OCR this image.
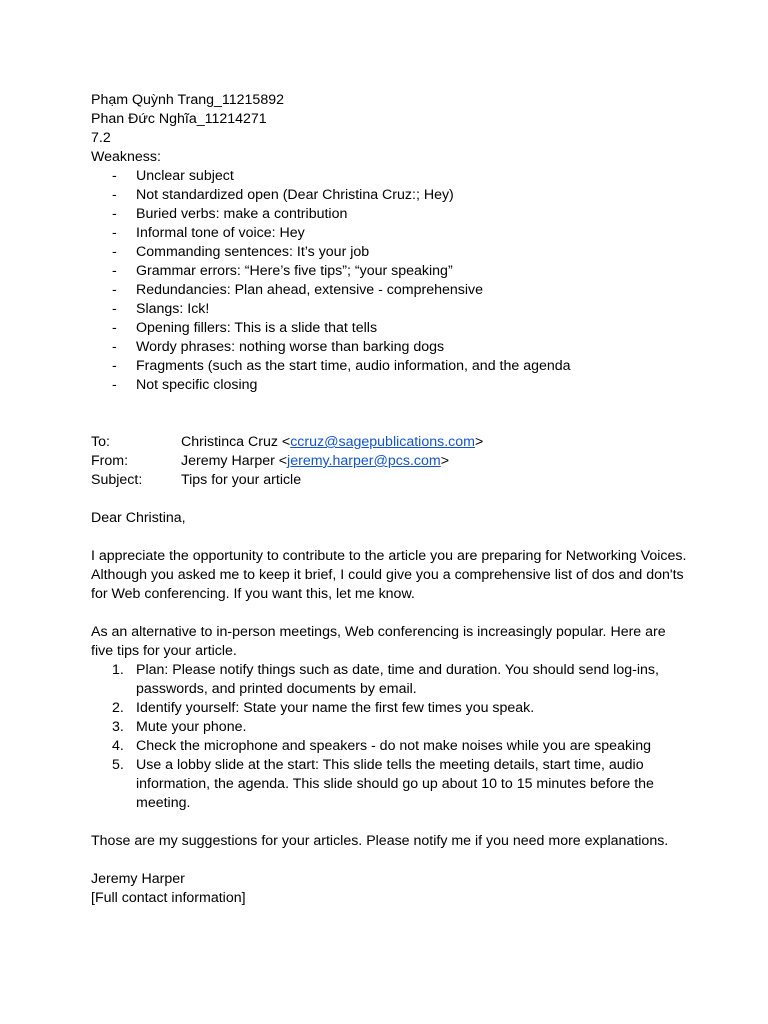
Phạm Quỳnh Trang_11215892
Phan Đức Nghĩa_11214271
7.2
Weakness:
- Unclear subject
- Not standardized open (Dear Christina Cruz:; Hey)
- Buried verbs: make a contribution
- Informal tone of voice: Hey
- Commanding sentences: It’s your job
- Grammar errors: “Here’s five tips”; “your speaking”
- Redundancies: Plan ahead, extensive - comprehensive
- Slangs: Ick!
- Opening fillers: This is a slide that tells
- Wordy phrases: nothing worse than barking dogs
- Fragments (such as the start time, audio information, and the agenda
- Not specific closing
To:	Christinca Cruz <ccruz@sagepublications.com>
From:	Jeremy Harper <jeremy.harper@pcs.com>
Subject:	Tips for your article
Dear Christina,
I appreciate the opportunity to contribute to the article you are preparing for Networking Voices. Although you asked me to keep it brief, I could give you a comprehensive list of dos and don'ts for Web conferencing. If you want this, let me know.
As an alternative to in-person meetings, Web conferencing is increasingly popular. Here are five tips for your article.
1. Plan: Please notify things such as date, time and duration. You should send log-ins, passwords, and printed documents by email.
2. Identify yourself: State your name the first few times you speak.
3. Mute your phone.
4. Check the microphone and speakers - do not make noises while you are speaking
5. Use a lobby slide at the start: This slide tells the meeting details, start time, audio information, the agenda. This slide should go up about 10 to 15 minutes before the meeting.
Those are my suggestions for your articles. Please notify me if you need more explanations.
Jeremy Harper
[Full contact information]
